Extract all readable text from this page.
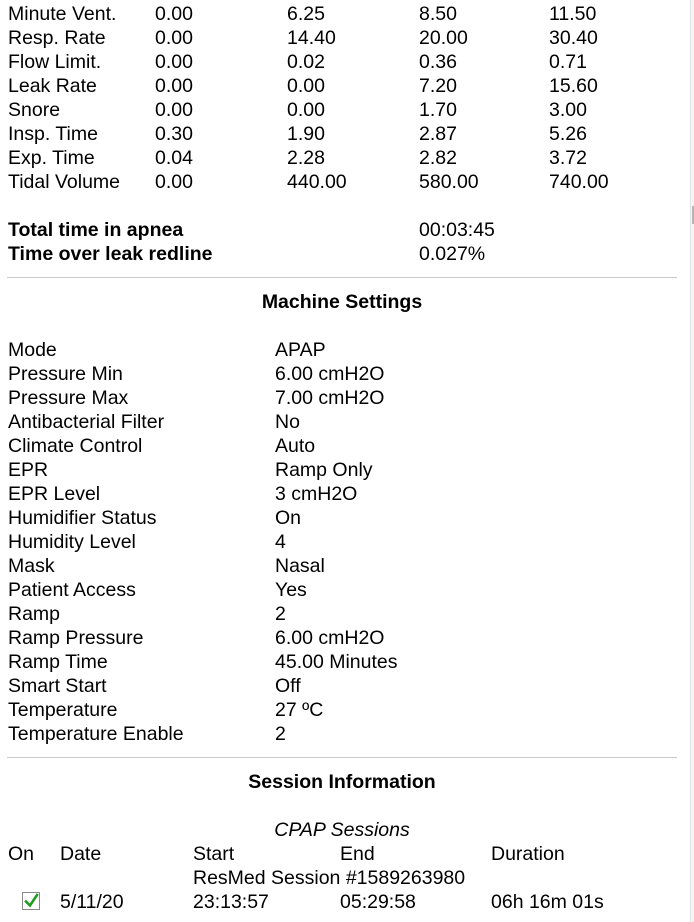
Minute Vent. 0.00	6.25	8.50	11.50
Resp. Rate	0.00	14.40	20.00	30.40
Flow Limit.	0.00	0.02	0.36	0.71
Leak Rate	0.00	0.00	7.20	15.60
Snore	0.00	0.00	1.70	3.00
Insp. Time	0.30	1.90	2.87	5.26
Exp. Time	0.04	2.28	2.82	3.72
Tidal Volume 0.00	440.00	580.00	740.00
Total time in apnea	00:03:45
Time over leak redline	0.027%
Machine Settings
Mode	APAP
Pressure Min	6.00 cmH2O
Pressure Max	7.00 cmH2O
Antibacterial Filter	No
Climate Control	Auto
EPR	Ramp Only
EPR Level	3 cmH2O
Humidifier Status	On
Humidity Level	4
Mask	Nasal
Patient Access	Yes
Ramp	2
Ramp Pressure	6.00 cmH2O
Ramp Time	45.00 Minutes
Smart Start	Off
Temperature	27 ºC
Temperature Enable	2
Session Information
CPAP Sessions
On Date	Start	End	Duration
ResMed Session #1589263980
5/11/20	23:13:57	05:29:58	06h 16m 01s
